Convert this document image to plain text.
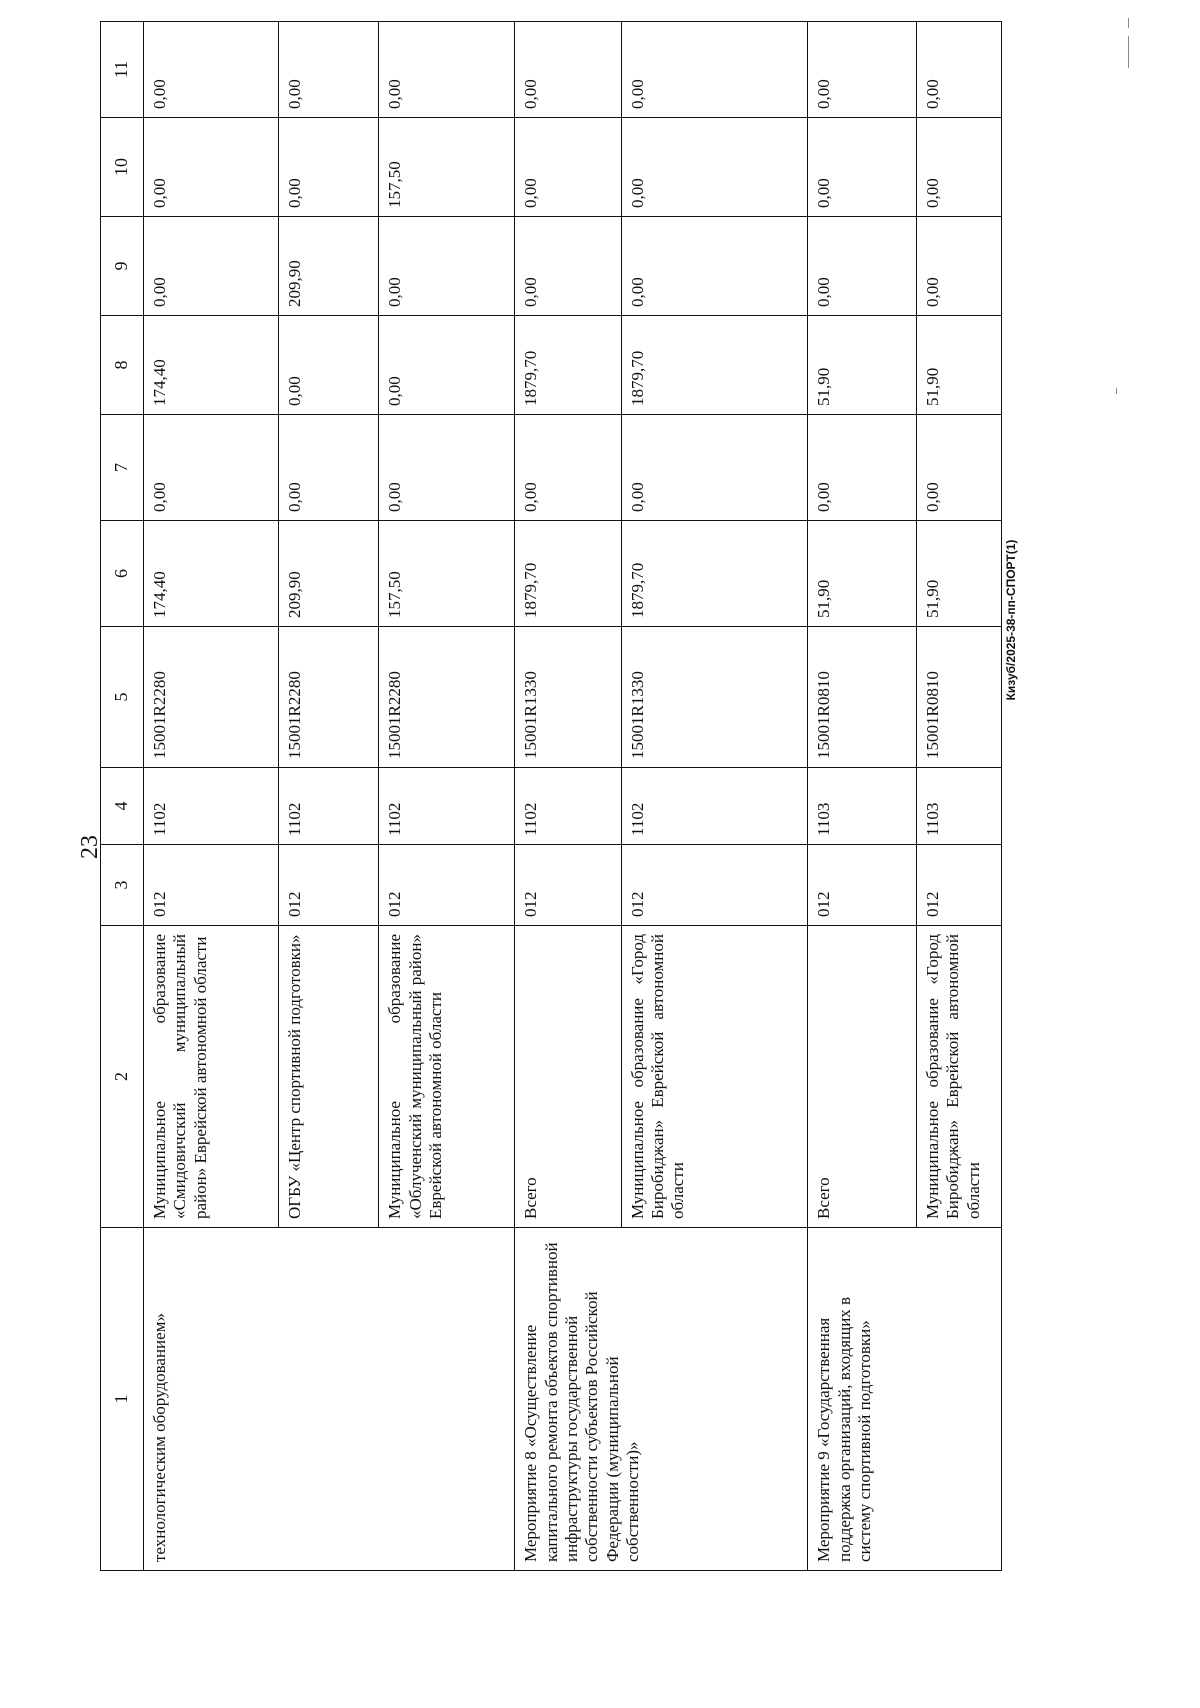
23
Кизуб/2025-38-пп-СПОРТ(1)
1	2	3	4	5	6	7	8	9	10	11
технологическим оборудованием»	Муниципальное образование «Смидовичский муниципальный район» Еврейской автономной области	012	1102	15001R2280	174,40	0,00	174,40	0,00	0,00	0,00
	ОГБУ «Центр спортивной подготовки»	012	1102	15001R2280	209,90	0,00	0,00	209,90	0,00	0,00
	Муниципальное образование «Облученский муниципальный район» Еврейской автономной области	012	1102	15001R2280	157,50	0,00	0,00	0,00	157,50	0,00
Мероприятие 8 «Осуществление капитального ремонта объектов спортивной инфраструктуры государственной собственности субъектов Российской Федерации (муниципальной собственности)»	Всего	012	1102	15001R1330	1879,70	0,00	1879,70	0,00	0,00	0,00
	Муниципальное образование «Город Биробиджан» Еврейской автономной области	012	1102	15001R1330	1879,70	0,00	1879,70	0,00	0,00	0,00
Мероприятие 9 «Государственная поддержка организаций, входящих в систему спортивной подготовки»	Всего	012	1103	15001R0810	51,90	0,00	51,90	0,00	0,00	0,00
	Муниципальное образование «Город Биробиджан» Еврейской автономной области	012	1103	15001R0810	51,90	0,00	51,90	0,00	0,00	0,00
